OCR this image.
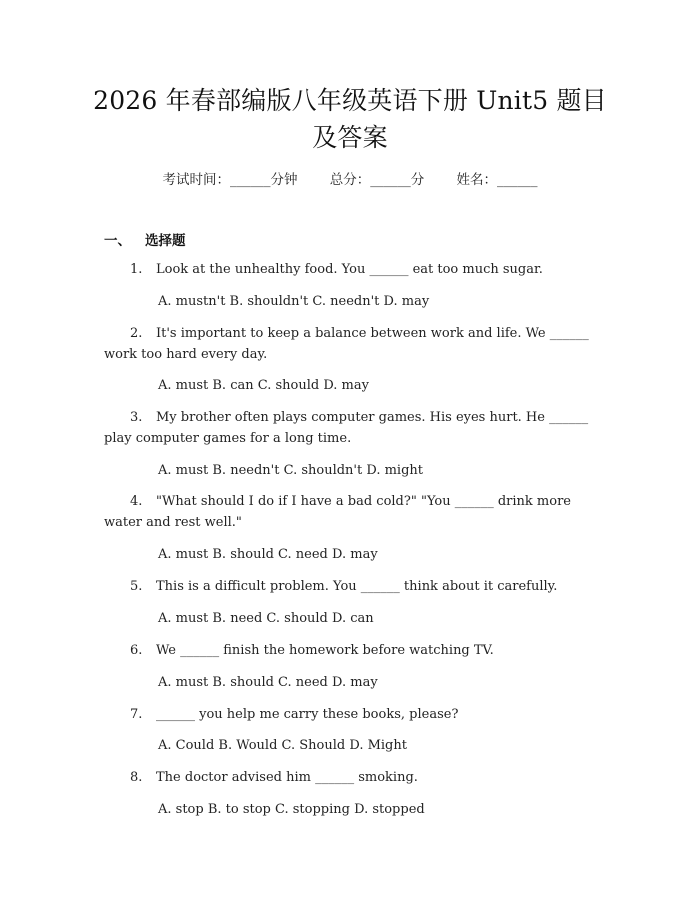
2026 年春部编版八年级英语下册 Unit5 题目
及答案
考试时间：______分钟 总分：______分 姓名：______
一、 选择题
1. Look at the unhealthy food. You ______ eat too much sugar.
A. mustn't B. shouldn't C. needn't D. may
2. It's important to keep a balance between work and life. We ______ work too hard every day.
A. must B. can C. should D. may
3. My brother often plays computer games. His eyes hurt. He ______ play computer games for a long time.
A. must B. needn't C. shouldn't D. might
4. "What should I do if I have a bad cold?" "You ______ drink more water and rest well."
A. must B. should C. need D. may
5. This is a difficult problem. You ______ think about it carefully.
A. must B. need C. should D. can
6. We ______ finish the homework before watching TV.
A. must B. should C. need D. may
7. ______ you help me carry these books, please?
A. Could B. Would C. Should D. Might
8. The doctor advised him ______ smoking.
A. stop B. to stop C. stopping D. stopped
